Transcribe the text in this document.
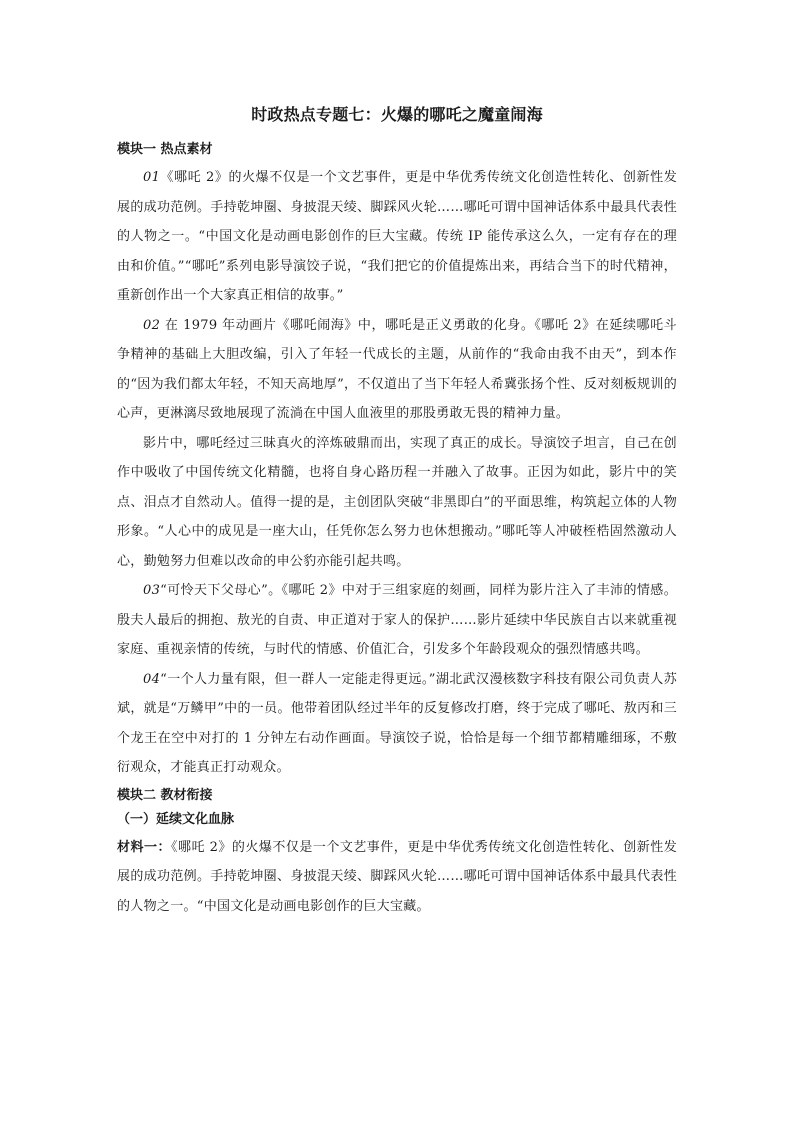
时政热点专题七：火爆的哪吒之魔童闹海
模块一 热点素材

01《哪吒 2》的火爆不仅是一个文艺事件，更是中华优秀传统文化创造性转化、创新性发展的成功范例。手持乾坤圈、身披混天绫、脚踩风火轮……哪吒可谓中国神话体系中最具代表性的人物之一。“中国文化是动画电影创作的巨大宝藏。传统 IP 能传承这么久，一定有存在的理由和价值。”“哪吒”系列电影导演饺子说，“我们把它的价值提炼出来，再结合当下的时代精神，重新创作出一个大家真正相信的故事。”

02 在 1979 年动画片《哪吒闹海》中，哪吒是正义勇敢的化身。《哪吒 2》在延续哪吒斗争精神的基础上大胆改编，引入了年轻一代成长的主题，从前作的“我命由我不由天”，到本作的“因为我们都太年轻，不知天高地厚”，不仅道出了当下年轻人希冀张扬个性、反对刻板规训的心声，更淋漓尽致地展现了流淌在中国人血液里的那股勇敢无畏的精神力量。

影片中，哪吒经过三昧真火的淬炼破鼎而出，实现了真正的成长。导演饺子坦言，自己在创作中吸收了中国传统文化精髓，也将自身心路历程一并融入了故事。正因为如此，影片中的笑点、泪点才自然动人。值得一提的是，主创团队突破“非黑即白”的平面思维，构筑起立体的人物形象。“人心中的成见是一座大山，任凭你怎么努力也休想搬动。”哪吒等人冲破桎梏固然激动人心，勤勉努力但难以改命的申公豹亦能引起共鸣。

03“可怜天下父母心”。《哪吒 2》中对于三组家庭的刻画，同样为影片注入了丰沛的情感。殷夫人最后的拥抱、敖光的自责、申正道对于家人的保护……影片延续中华民族自古以来就重视家庭、重视亲情的传统，与时代的情感、价值汇合，引发多个年龄段观众的强烈情感共鸣。

04“一个人力量有限，但一群人一定能走得更远。”湖北武汉漫核数字科技有限公司负责人苏斌，就是“万鳞甲”中的一员。他带着团队经过半年的反复修改打磨，终于完成了哪吒、敖丙和三个龙王在空中对打的 1 分钟左右动作画面。导演饺子说，恰恰是每一个细节都精雕细琢，不敷衍观众，才能真正打动观众。

模块二 教材衔接
（一）延续文化血脉

材料一：《哪吒 2》的火爆不仅是一个文艺事件，更是中华优秀传统文化创造性转化、创新性发展的成功范例。手持乾坤圈、身披混天绫、脚踩风火轮……哪吒可谓中国神话体系中最具代表性的人物之一。“中国文化是动画电影创作的巨大宝藏。
